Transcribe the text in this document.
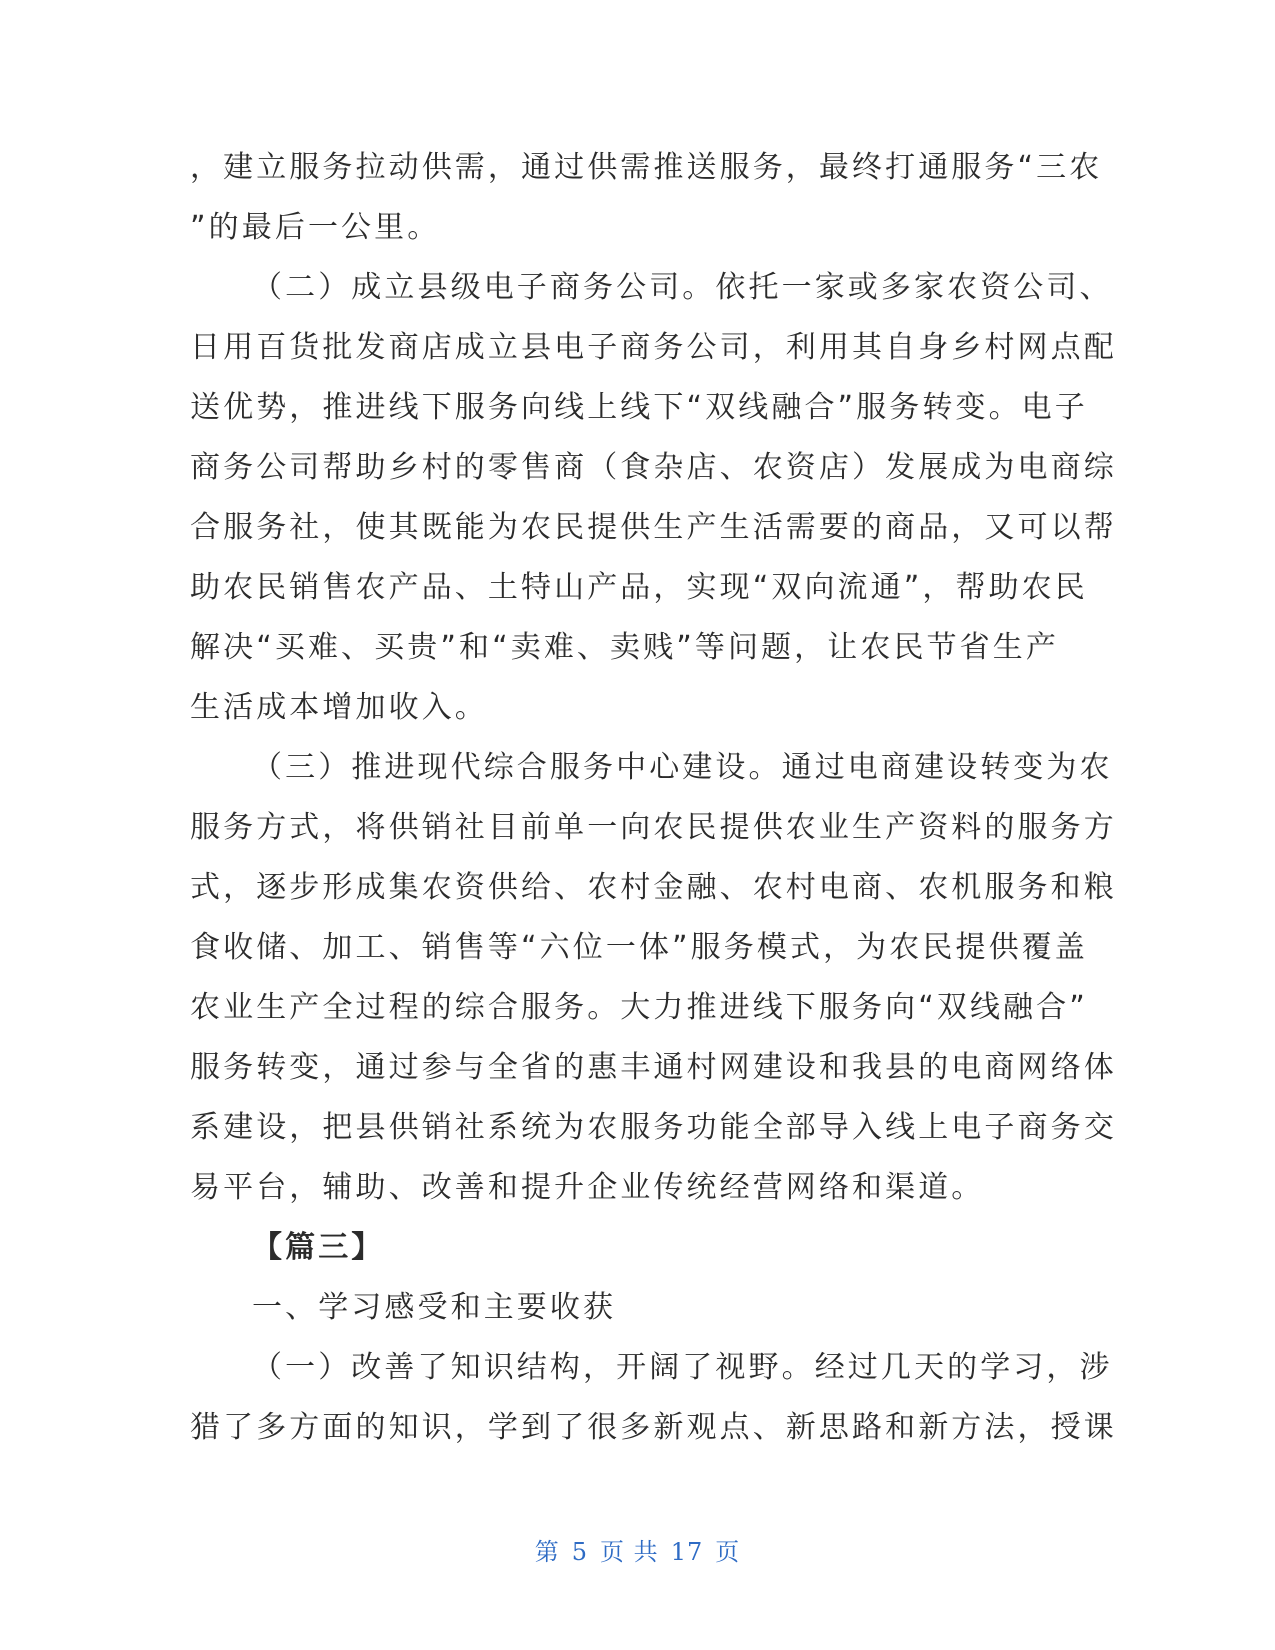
，建立服务拉动供需，通过供需推送服务，最终打通服务“三农
”的最后一公里。
（二）成立县级电子商务公司。依托一家或多家农资公司、
日用百货批发商店成立县电子商务公司，利用其自身乡村网点配
送优势，推进线下服务向线上线下“双线融合”服务转变。电子
商务公司帮助乡村的零售商（食杂店、农资店）发展成为电商综
合服务社，使其既能为农民提供生产生活需要的商品，又可以帮
助农民销售农产品、土特山产品，实现“双向流通”，帮助农民
解决“买难、买贵”和“卖难、卖贱”等问题，让农民节省生产
生活成本增加收入。
（三）推进现代综合服务中心建设。通过电商建设转变为农
服务方式，将供销社目前单一向农民提供农业生产资料的服务方
式，逐步形成集农资供给、农村金融、农村电商、农机服务和粮
食收储、加工、销售等“六位一体”服务模式，为农民提供覆盖
农业生产全过程的综合服务。大力推进线下服务向“双线融合”
服务转变，通过参与全省的惠丰通村网建设和我县的电商网络体
系建设，把县供销社系统为农服务功能全部导入线上电子商务交
易平台，辅助、改善和提升企业传统经营网络和渠道。
【篇三】
一、学习感受和主要收获
（一）改善了知识结构，开阔了视野。经过几天的学习，涉
猎了多方面的知识，学到了很多新观点、新思路和新方法，授课
第 5 页 共 17 页
